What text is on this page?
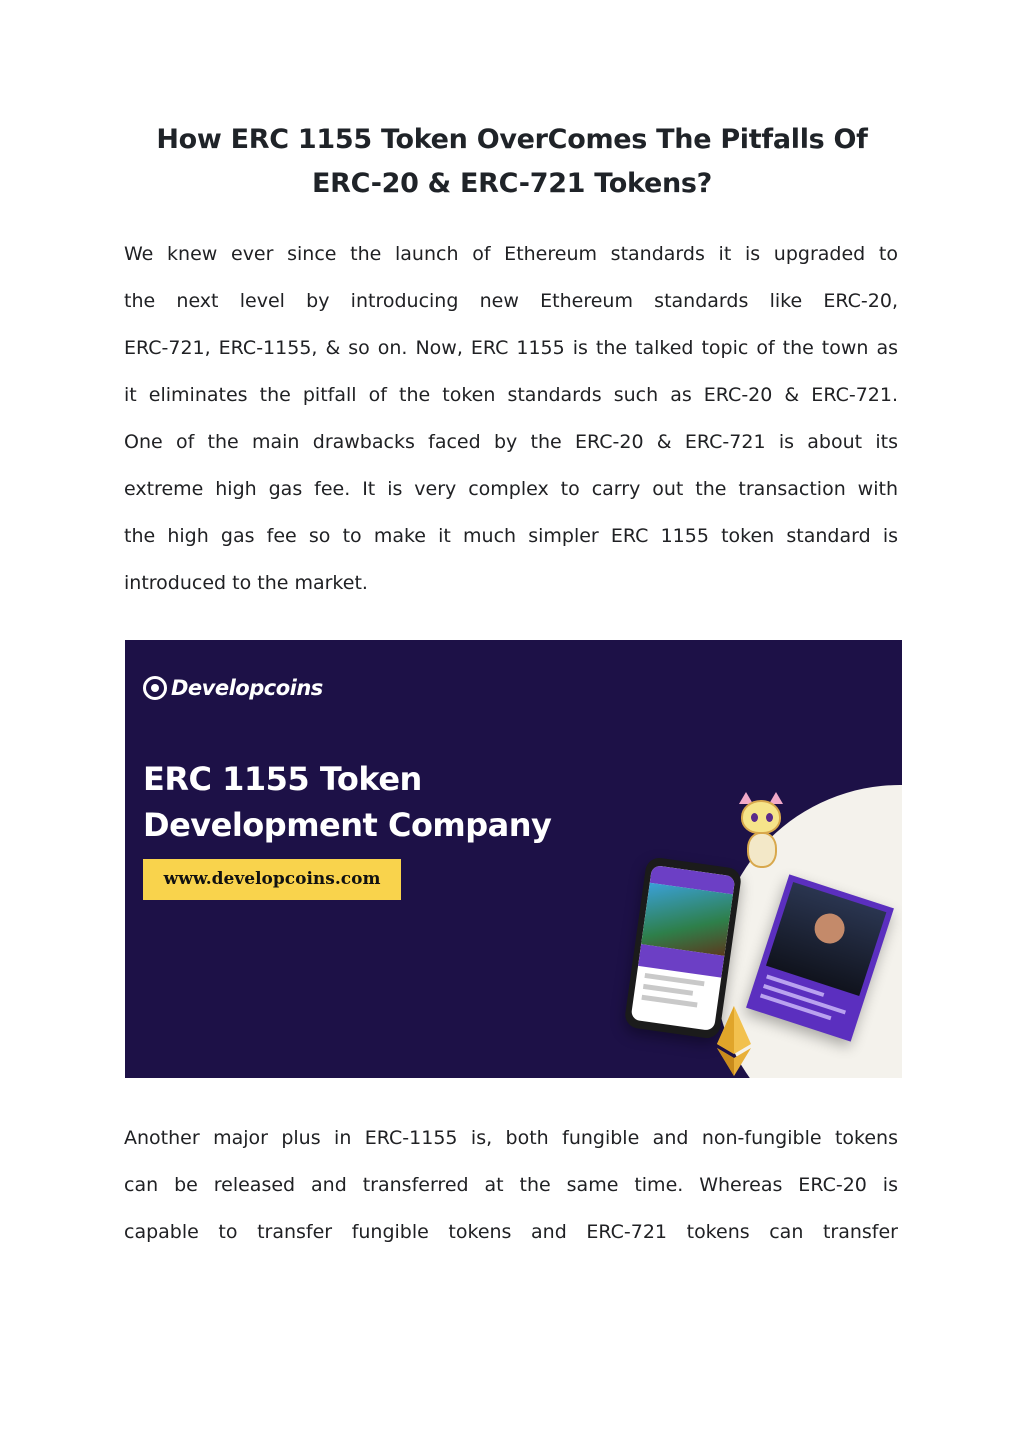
How ERC 1155 Token OverComes The Pitfalls Of
ERC-20 & ERC-721 Tokens?

We knew ever since the launch of Ethereum standards it is upgraded to
the next level by introducing new Ethereum standards like ERC-20,
ERC-721, ERC-1155, & so on. Now, ERC 1155 is the talked topic of the town as
it eliminates the pitfall of the token standards such as ERC-20 & ERC-721.
One of the main drawbacks faced by the ERC-20 & ERC-721 is about its
extreme high gas fee. It is very complex to carry out the transaction with
the high gas fee so to make it much simpler ERC 1155 token standard is
introduced to the market.

Developcoins
ERC 1155 Token
Development Company
www.developcoins.com

Another major plus in ERC-1155 is, both fungible and non-fungible tokens
can be released and transferred at the same time. Whereas ERC-20 is
capable to transfer fungible tokens and ERC-721 tokens can transfer
